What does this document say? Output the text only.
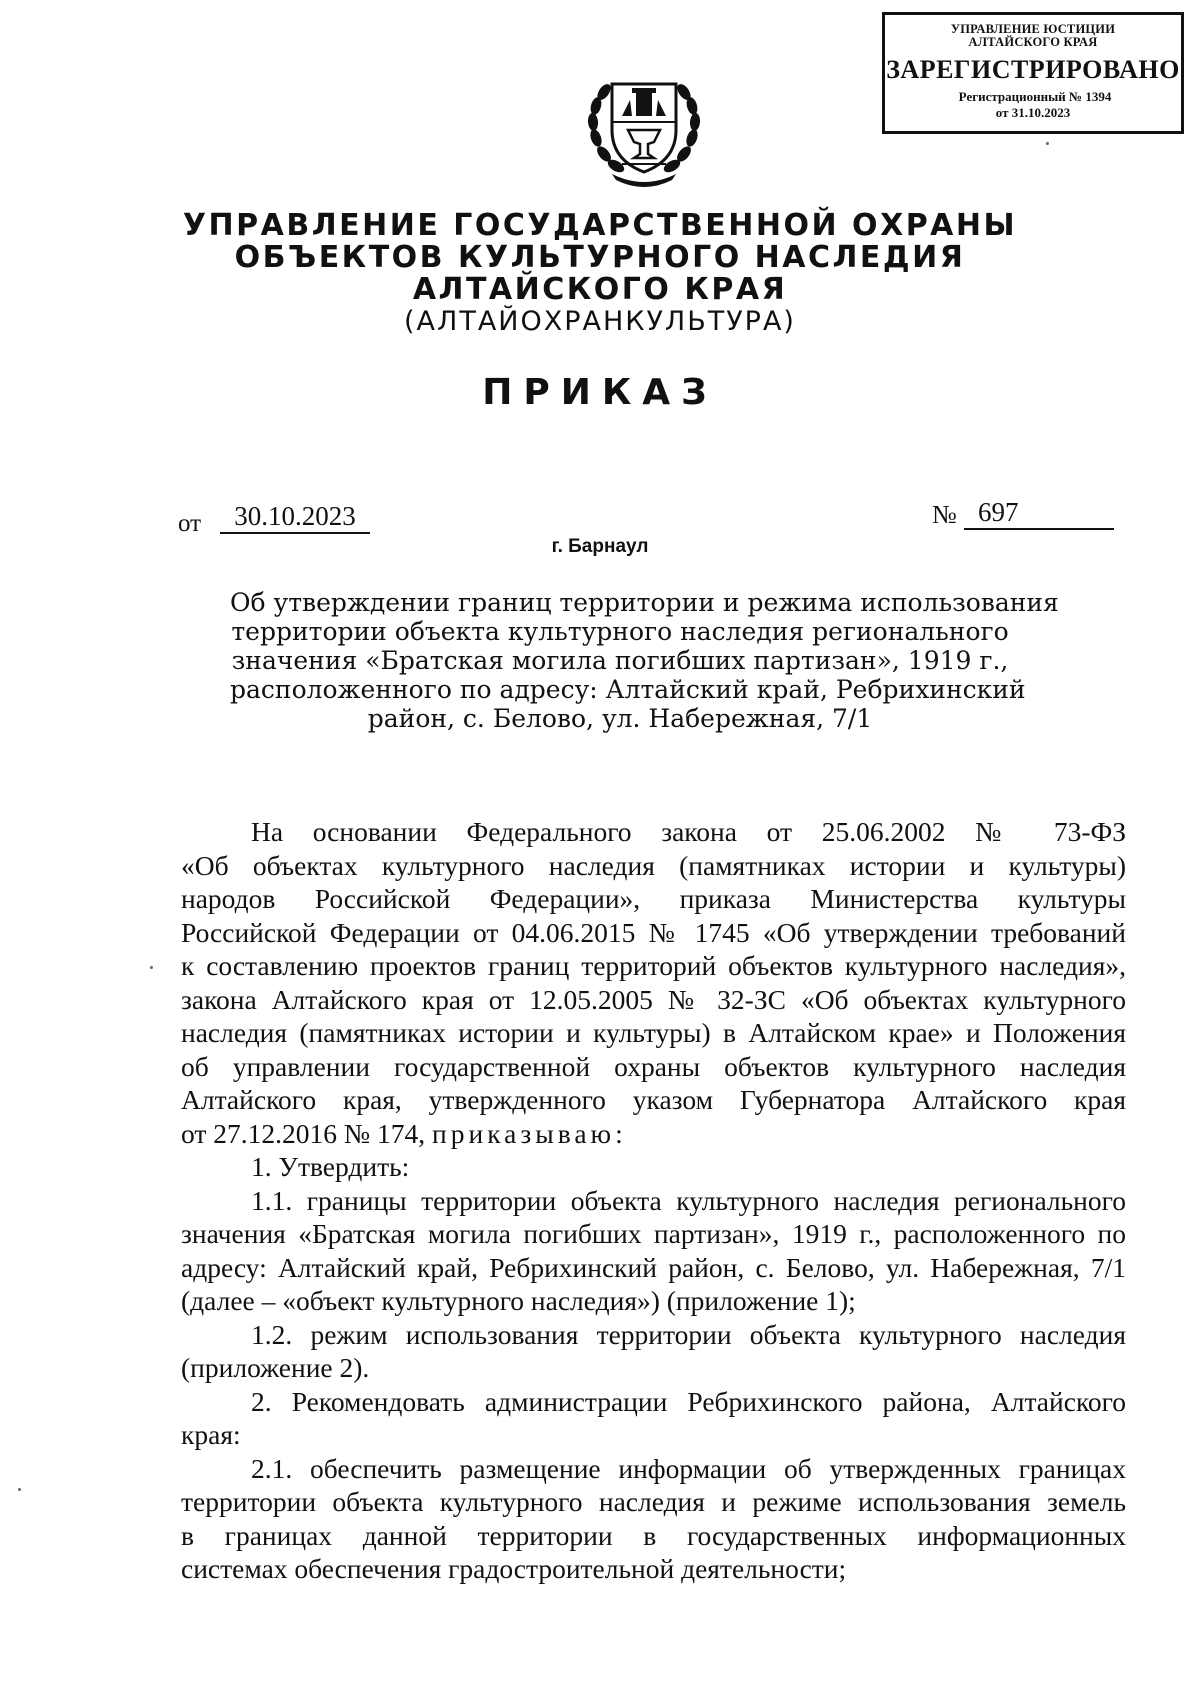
УПРАВЛЕНИЕ ЮСТИЦИИ
АЛТАЙСКОГО КРАЯ
ЗАРЕГИСТРИРОВАНО
Регистрационный № 1394
от 31.10.2023
УПРАВЛЕНИЕ ГОСУДАРСТВЕННОЙ ОХРАНЫ
ОБЪЕКТОВ КУЛЬТУРНОГО НАСЛЕДИЯ
АЛТАЙСКОГО КРАЯ
(АЛТАЙОХРАНКУЛЬТУРА)
ПРИКАЗ
от	30.10.2023	№ 697
г. Барнаул
Об утверждении границ территории и режима использования
территории объекта культурного наследия регионального
значения «Братская могила погибших партизан», 1919 г.,
расположенного по адресу: Алтайский край, Ребрихинский
район, с. Белово, ул. Набережная, 7/1
На основании Федерального закона от 25.06.2002 № 73-ФЗ
«Об объектах культурного наследия (памятниках истории и культуры)
народов Российской Федерации», приказа Министерства культуры
Российской Федерации от 04.06.2015 № 1745 «Об утверждении требований
к составлению проектов границ территорий объектов культурного наследия»,
закона Алтайского края от 12.05.2005 № 32-ЗС «Об объектах культурного
наследия (памятниках истории и культуры) в Алтайском крае» и Положения
об управлении государственной охраны объектов культурного наследия
Алтайского края, утвержденного указом Губернатора Алтайского края
от 27.12.2016 № 174, приказываю:
1. Утвердить:
1.1. границы территории объекта культурного наследия регионального
значения «Братская могила погибших партизан», 1919 г., расположенного по
адресу: Алтайский край, Ребрихинский район, с. Белово, ул. Набережная, 7/1
(далее – «объект культурного наследия») (приложение 1);
1.2. режим использования территории объекта культурного наследия
(приложение 2).
2. Рекомендовать администрации Ребрихинского района, Алтайского
края:
2.1. обеспечить размещение информации об утвержденных границах
территории объекта культурного наследия и режиме использования земель
в границах данной территории в государственных информационных
системах обеспечения градостроительной деятельности;
